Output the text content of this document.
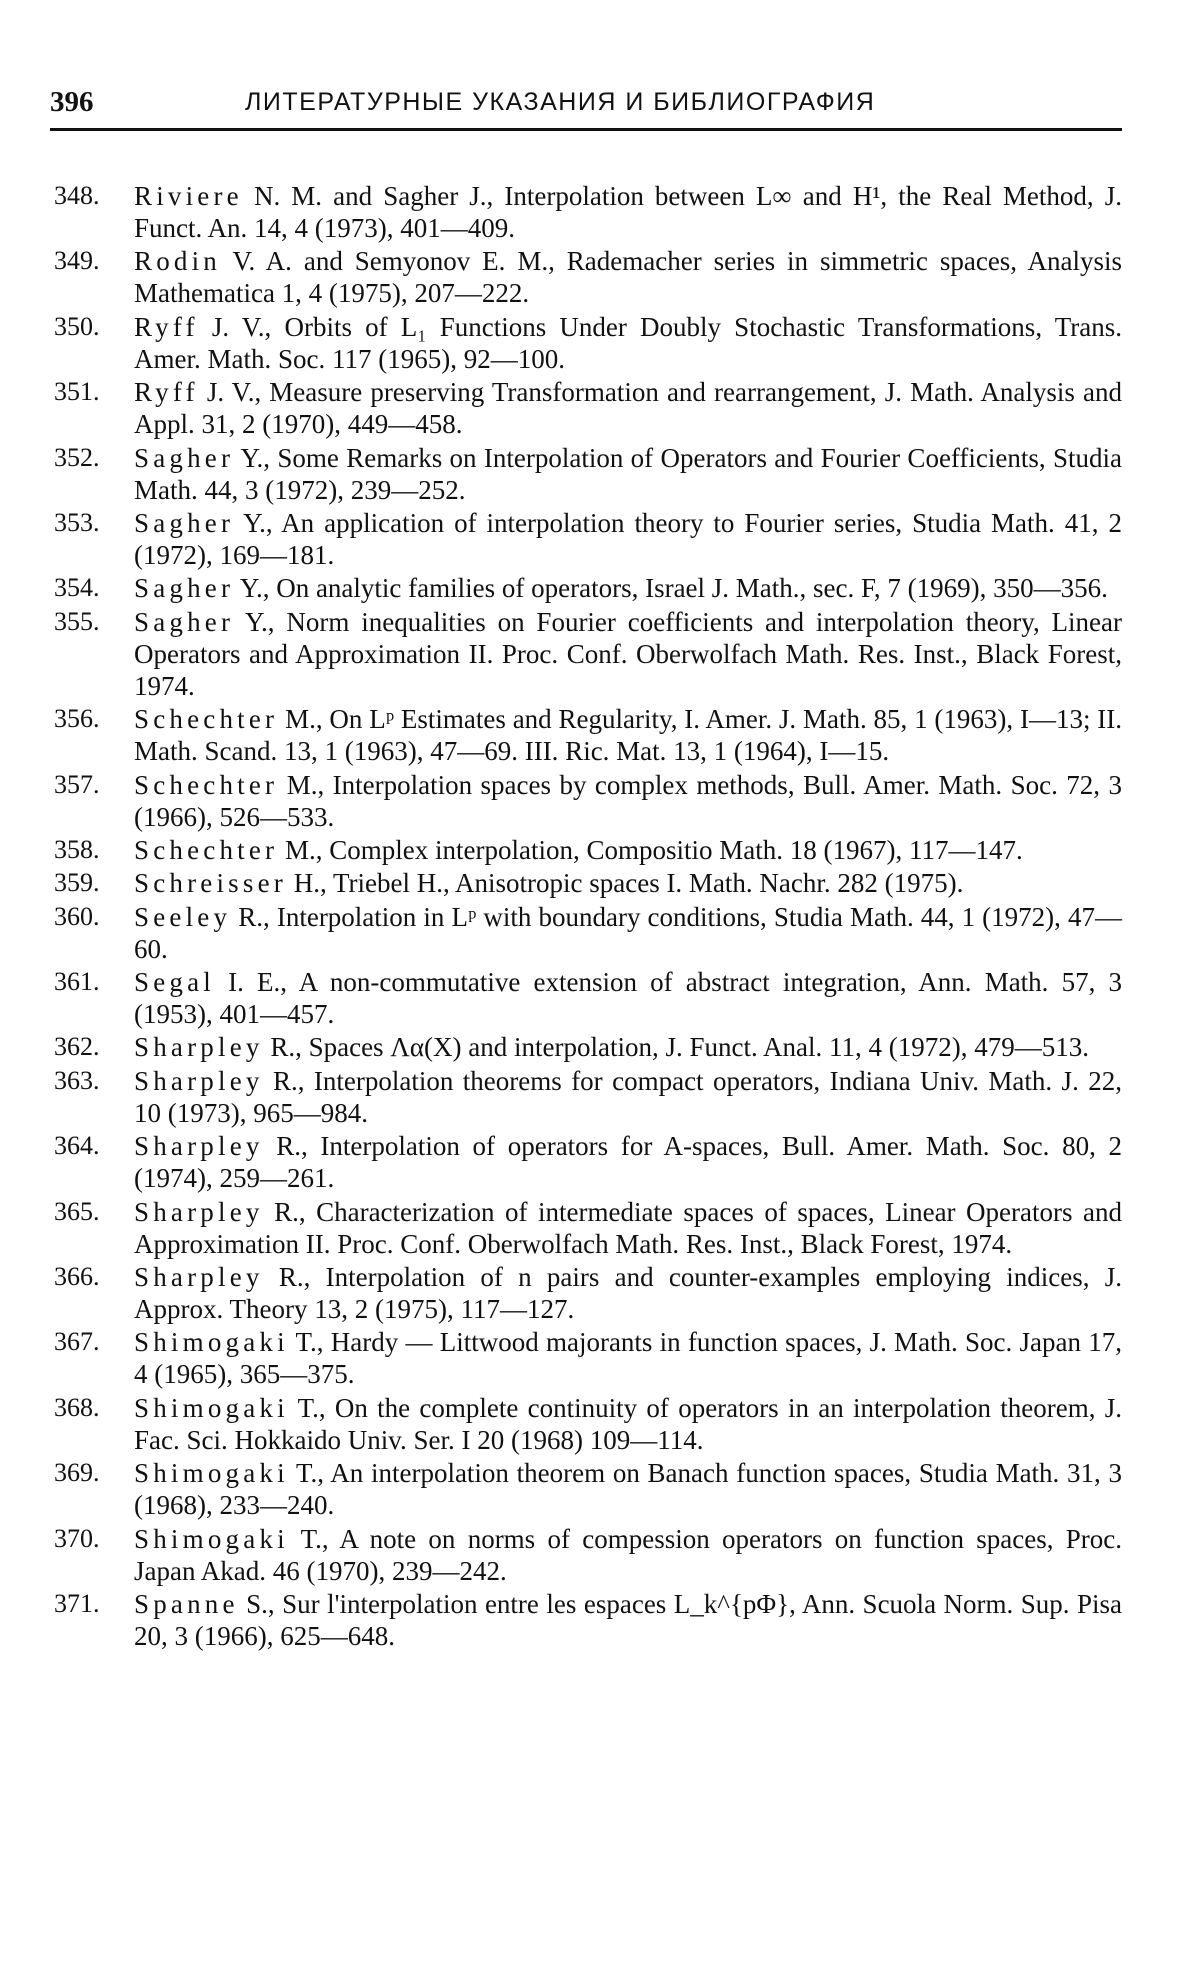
396	ЛИТЕРАТУРНЫЕ УКАЗАНИЯ И БИБЛИОГРАФИЯ
348.	Riviere N. M. and Sagher J., Interpolation between L∞ and H¹, the Real Method, J. Funct. An. 14, 4 (1973), 401—409.
349.	Rodin V. A. and Semyonov E. M., Rademacher series in simmetric spaces, Analysis Mathematica 1, 4 (1975), 207—222.
350.	Ryff J. V., Orbits of L₁ Functions Under Doubly Stochastic Transformations, Trans. Amer. Math. Soc. 117 (1965), 92—100.
351.	Ryff J. V., Measure preserving Transformation and rearrangement, J. Math. Analysis and Appl. 31, 2 (1970), 449—458.
352.	Sagher Y., Some Remarks on Interpolation of Operators and Fourier Coefficients, Studia Math. 44, 3 (1972), 239—252.
353.	Sagher Y., An application of interpolation theory to Fourier series, Studia Math. 41, 2 (1972), 169—181.
354.	Sagher Y., On analytic families of operators, Israel J. Math., sec. F, 7 (1969), 350—356.
355.	Sagher Y., Norm inequalities on Fourier coefficients and interpolation theory, Linear Operators and Approximation II. Proc. Conf. Oberwolfach Math. Res. Inst., Black Forest, 1974.
356.	Schechter M., On Lᵖ Estimates and Regularity, I. Amer. J. Math. 85, 1 (1963), I—13; II. Math. Scand. 13, 1 (1963), 47—69. III. Ric. Mat. 13, 1 (1964), I—15.
357.	Schechter M., Interpolation spaces by complex methods, Bull. Amer. Math. Soc. 72, 3 (1966), 526—533.
358.	Schechter M., Complex interpolation, Compositio Math. 18 (1967), 117—147.
359.	Schreisser H., Triebel H., Anisotropic spaces I. Math. Nachr. 282 (1975).
360.	Seeley R., Interpolation in Lᵖ with boundary conditions, Studia Math. 44, 1 (1972), 47—60.
361.	Segal I. E., A non-commutative extension of abstract integration, Ann. Math. 57, 3 (1953), 401—457.
362.	Sharpley R., Spaces Λα(X) and interpolation, J. Funct. Anal. 11, 4 (1972), 479—513.
363.	Sharpley R., Interpolation theorems for compact operators, Indiana Univ. Math. J. 22, 10 (1973), 965—984.
364.	Sharpley R., Interpolation of operators for A-spaces, Bull. Amer. Math. Soc. 80, 2 (1974), 259—261.
365.	Sharpley R., Characterization of intermediate spaces of spaces, Linear Operators and Approximation II. Proc. Conf. Oberwolfach Math. Res. Inst., Black Forest, 1974.
366.	Sharpley R., Interpolation of n pairs and counter-examples employing indices, J. Approx. Theory 13, 2 (1975), 117—127.
367.	Shimogaki T., Hardy — Littwood majorants in function spaces, J. Math. Soc. Japan 17, 4 (1965), 365—375.
368.	Shimogaki T., On the complete continuity of operators in an interpolation theorem, J. Fac. Sci. Hokkaido Univ. Ser. I 20 (1968) 109—114.
369.	Shimogaki T., An interpolation theorem on Banach function spaces, Studia Math. 31, 3 (1968), 233—240.
370.	Shimogaki T., A note on norms of compession operators on function spaces, Proc. Japan Akad. 46 (1970), 239—242.
371.	Spanne S., Sur l'interpolation entre les espaces L_k^{pΦ}, Ann. Scuola Norm. Sup. Pisa 20, 3 (1966), 625—648.
